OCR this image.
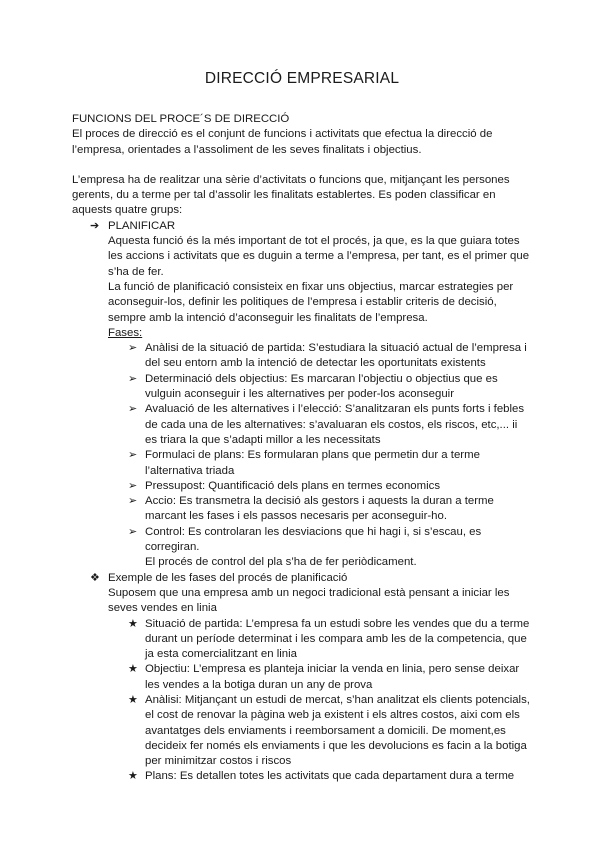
DIRECCIÓ EMPRESARIAL

FUNCIONS DEL PROCE´S DE DIRECCIÓ

El proces de direcció es el conjunt de funcions i activitats que efectua la direcció de l’empresa, orientades a l’assoliment de les seves finalitats i objectius.

L’empresa ha de realitzar una sèrie d’activitats o funcions que, mitjançant les persones gerents, du a terme per tal d’assolir les finalitats establertes. Es poden classificar en aquests quatre grups:

➔ PLANIFICAR
Aquesta funció és la més important de tot el procés, ja que, es la que guiara totes les accions i activitats que es duguin a terme a l’empresa, per tant, es el primer que s’ha de fer.
La funció de planificació consisteix en fixar uns objectius, marcar estrategies per aconseguir-los, definir les politiques de l’empresa i establir criteris de decisió, sempre amb la intenció d’aconseguir les finalitats de l’empresa.
Fases:
➢ Anàlisi de la situació de partida: S’estudiara la situació actual de l’empresa i del seu entorn amb la intenció de detectar les oportunitats existents
➢ Determinació dels objectius: Es marcaran l’objectiu o objectius que es vulguin aconseguir i les alternatives per poder-los aconseguir
➢ Avaluació de les alternatives i l’elecció: S’analitzaran els punts forts i febles de cada una de les alternatives: s’avaluaran els costos, els riscos, etc,... ii es triara la que s’adapti millor a les necessitats
➢ Formulaci de plans: Es formularan plans que permetin dur a terme l’alternativa triada
➢ Pressupost: Quantificació dels plans en termes economics
➢ Accio: Es transmetra la decisió als gestors i aquests la duran a terme marcant les fases i els passos necesaris per aconseguir-ho.
➢ Control: Es controlaran les desviacions que hi hagi i, si s’escau, es corregiran.
El procés de control del pla s’ha de fer periòdicament.
❖ Exemple de les fases del procés de planificació
Suposem que una empresa amb un negoci tradicional està pensant a iniciar les seves vendes en linia
★ Situació de partida: L’empresa fa un estudi sobre les vendes que du a terme durant un període determinat i les compara amb les de la competencia, que ja esta comercialitzant en linia
★ Objectiu: L’empresa es planteja iniciar la venda en linia, pero sense deixar les vendes a la botiga duran un any de prova
★ Anàlisi: Mitjançant un estudi de mercat, s’han analitzat els clients potencials, el cost de renovar la pàgina web ja existent i els altres costos, aixi com els avantatges dels enviaments i reemborsament a domicili. De moment,es decideix fer només els enviaments i que les devolucions es facin a la botiga per minimitzar costos i riscos
★ Plans: Es detallen totes les activitats que cada departament dura a terme
